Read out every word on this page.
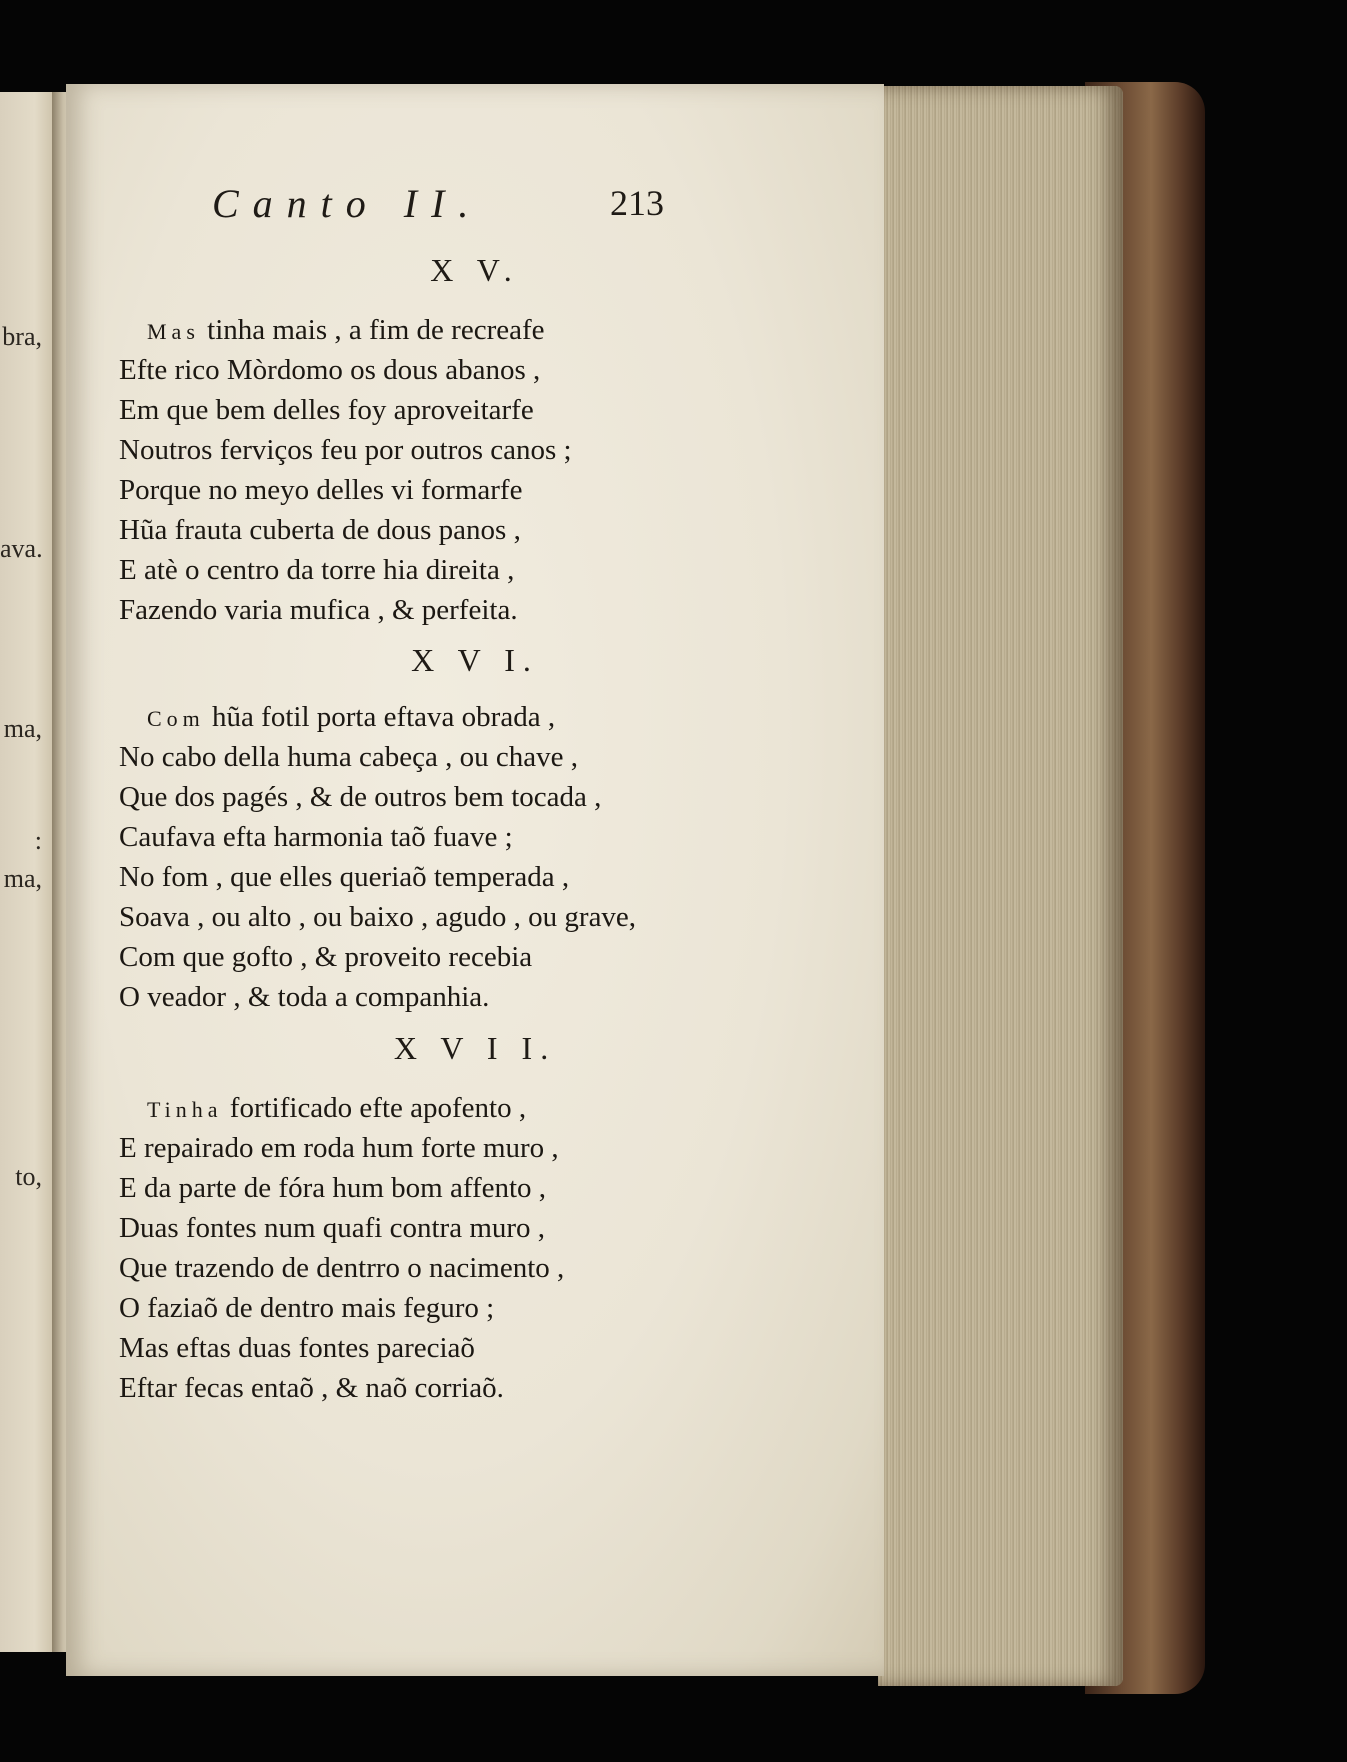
bra,
ava.
ma,
:
ma,
to,
Canto II.	213
X V.
Mas tinha mais , a fim de recreafe
Efte rico Mòrdomo os dous abanos ,
Em que bem delles foy aproveitarfe
Noutros ferviços feu por outros canos ;
Porque no meyo delles vi formarfe
Hũa frauta cuberta de dous panos ,
E atè o centro da torre hia direita ,
Fazendo varia mufica , & perfeita.
X V I.
Com hũa fotil porta eftava obrada ,
No cabo della huma cabeça , ou chave ,
Que dos pagés , & de outros bem tocada ,
Caufava efta harmonia taõ fuave ;
No fom , que elles queriaõ temperada ,
Soava , ou alto , ou baixo , agudo , ou grave,
Com que gofto , & proveito recebia
O veador , & toda a companhia.
X V I I.
Tinha fortificado efte apofento ,
E repairado em roda hum forte muro ,
E da parte de fóra hum bom affento ,
Duas fontes num quafi contra muro ,
Que trazendo de dentrro o nacimento ,
O faziaõ de dentro mais feguro ;
Mas eftas duas fontes pareciaõ
Eftar fecas entaõ , & naõ corriaõ.
